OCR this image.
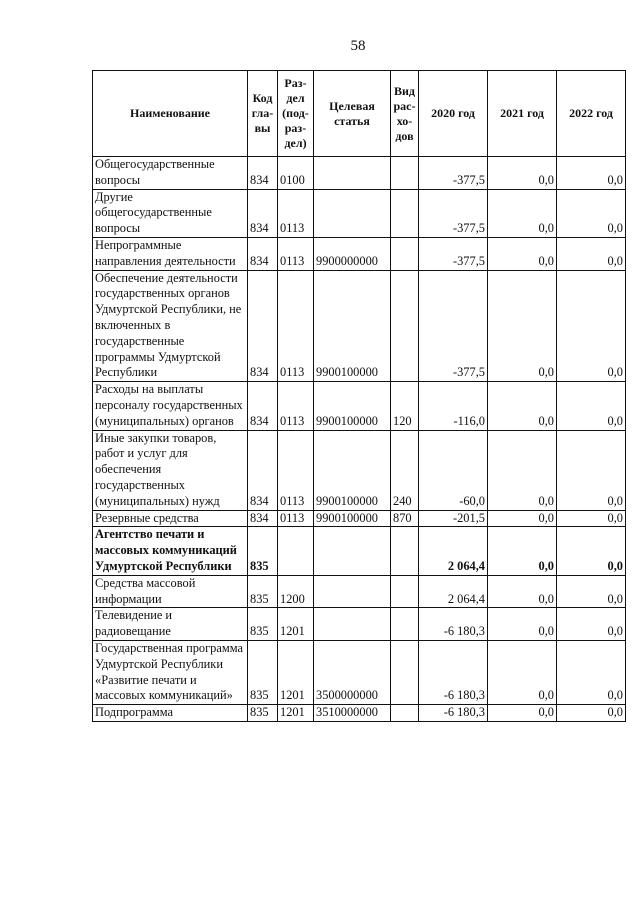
58
Наименование	Код гла-вы	Раз-дел (под-раз-дел)	Целевая статья	Вид рас-хо-дов	2020 год	2021 год	2022 год
Общегосударственные вопросы	834	0100			-377,5	0,0	0,0
Другие общегосударственные вопросы	834	0113			-377,5	0,0	0,0
Непрограммные направления деятельности	834	0113	9900000000		-377,5	0,0	0,0
Обеспечение деятельности государственных органов Удмуртской Республики, не включенных в государственные программы Удмуртской Республики	834	0113	9900100000		-377,5	0,0	0,0
Расходы на выплаты персоналу государственных (муниципальных) органов	834	0113	9900100000	120	-116,0	0,0	0,0
Иные закупки товаров, работ и услуг для обеспечения государственных (муниципальных) нужд	834	0113	9900100000	240	-60,0	0,0	0,0
Резервные средства	834	0113	9900100000	870	-201,5	0,0	0,0
Агентство печати и массовых коммуникаций Удмуртской Республики	835				2 064,4	0,0	0,0
Средства массовой информации	835	1200			2 064,4	0,0	0,0
Телевидение и радиовещание	835	1201			-6 180,3	0,0	0,0
Государственная программа Удмуртской Республики «Развитие печати и массовых коммуникаций»	835	1201	3500000000		-6 180,3	0,0	0,0
Подпрограмма	835	1201	3510000000		-6 180,3	0,0	0,0
